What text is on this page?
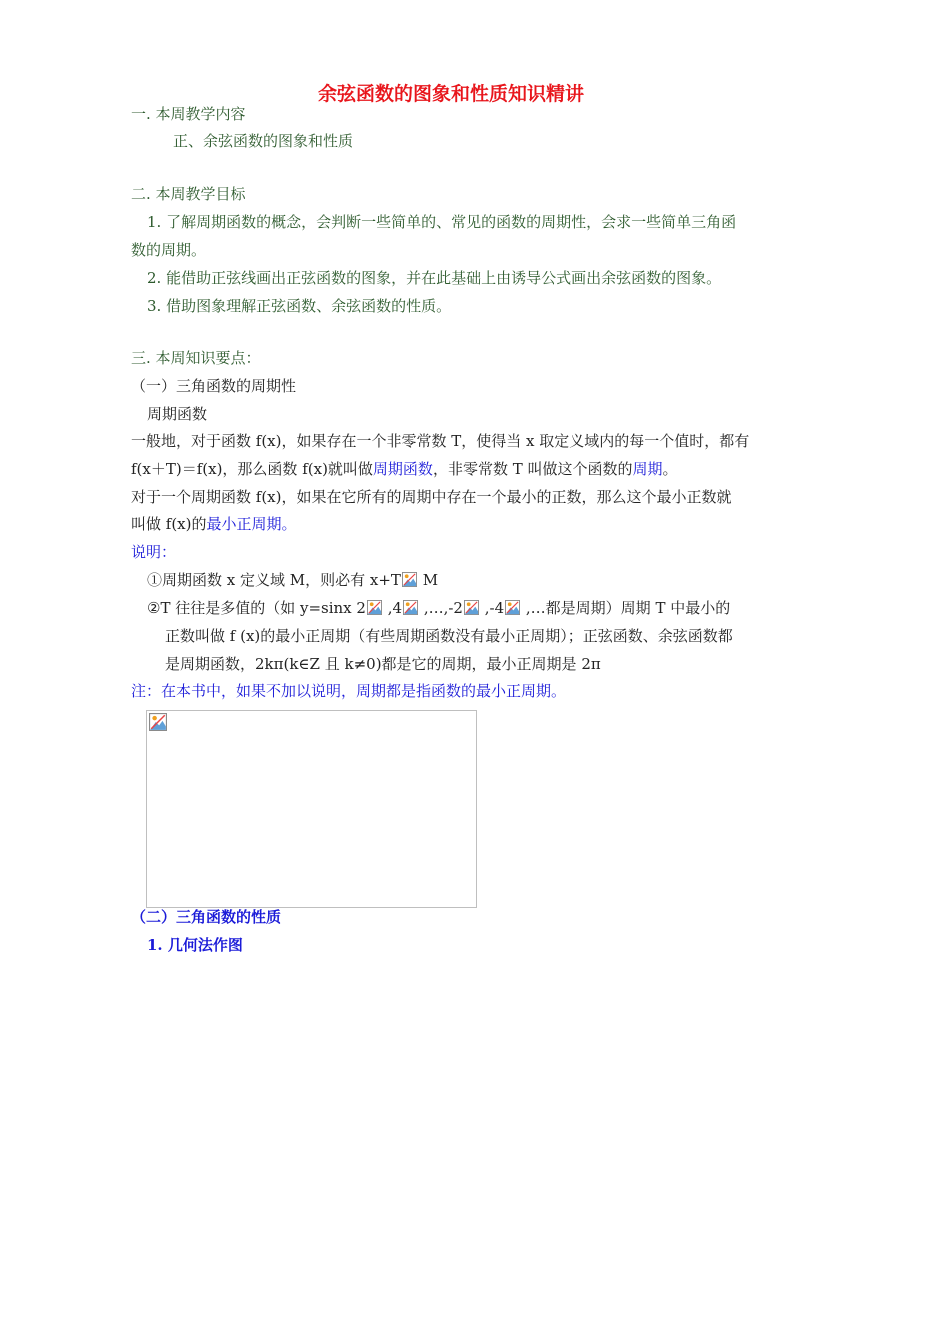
余弦函数的图象和性质知识精讲
一. 本周教学内容
正、余弦函数的图象和性质
二. 本周教学目标
1. 了解周期函数的概念，会判断一些简单的、常见的函数的周期性，会求一些简单三角函
数的周期。
2. 能借助正弦线画出正弦函数的图象，并在此基础上由诱导公式画出余弦函数的图象。
3. 借助图象理解正弦函数、余弦函数的性质。
三. 本周知识要点：
（一）三角函数的周期性
周期函数
一般地，对于函数 f(x)，如果存在一个非零常数 T，使得当 x 取定义域内的每一个值时，都有
f(x＋T)＝f(x)，那么函数 f(x)就叫做周期函数，非零常数 T 叫做这个函数的周期。
对于一个周期函数 f(x)，如果在它所有的周期中存在一个最小的正数，那么这个最小正数就
叫做 f(x)的最小正周期。
说明：
①周期函数 x 定义域 M，则必有 x+T M
②T 往往是多值的（如 y=sinx 2 ,4 ,…,-2 ,-4 ,…都是周期）周期 T 中最小的
正数叫做 f (x)的最小正周期（有些周期函数没有最小正周期）；正弦函数、余弦函数都
是周期函数，2kπ(k∈Z 且 k≠0)都是它的周期，最小正周期是 2π
注：在本书中，如果不加以说明，周期都是指函数的最小正周期。
（二）三角函数的性质
1. 几何法作图
